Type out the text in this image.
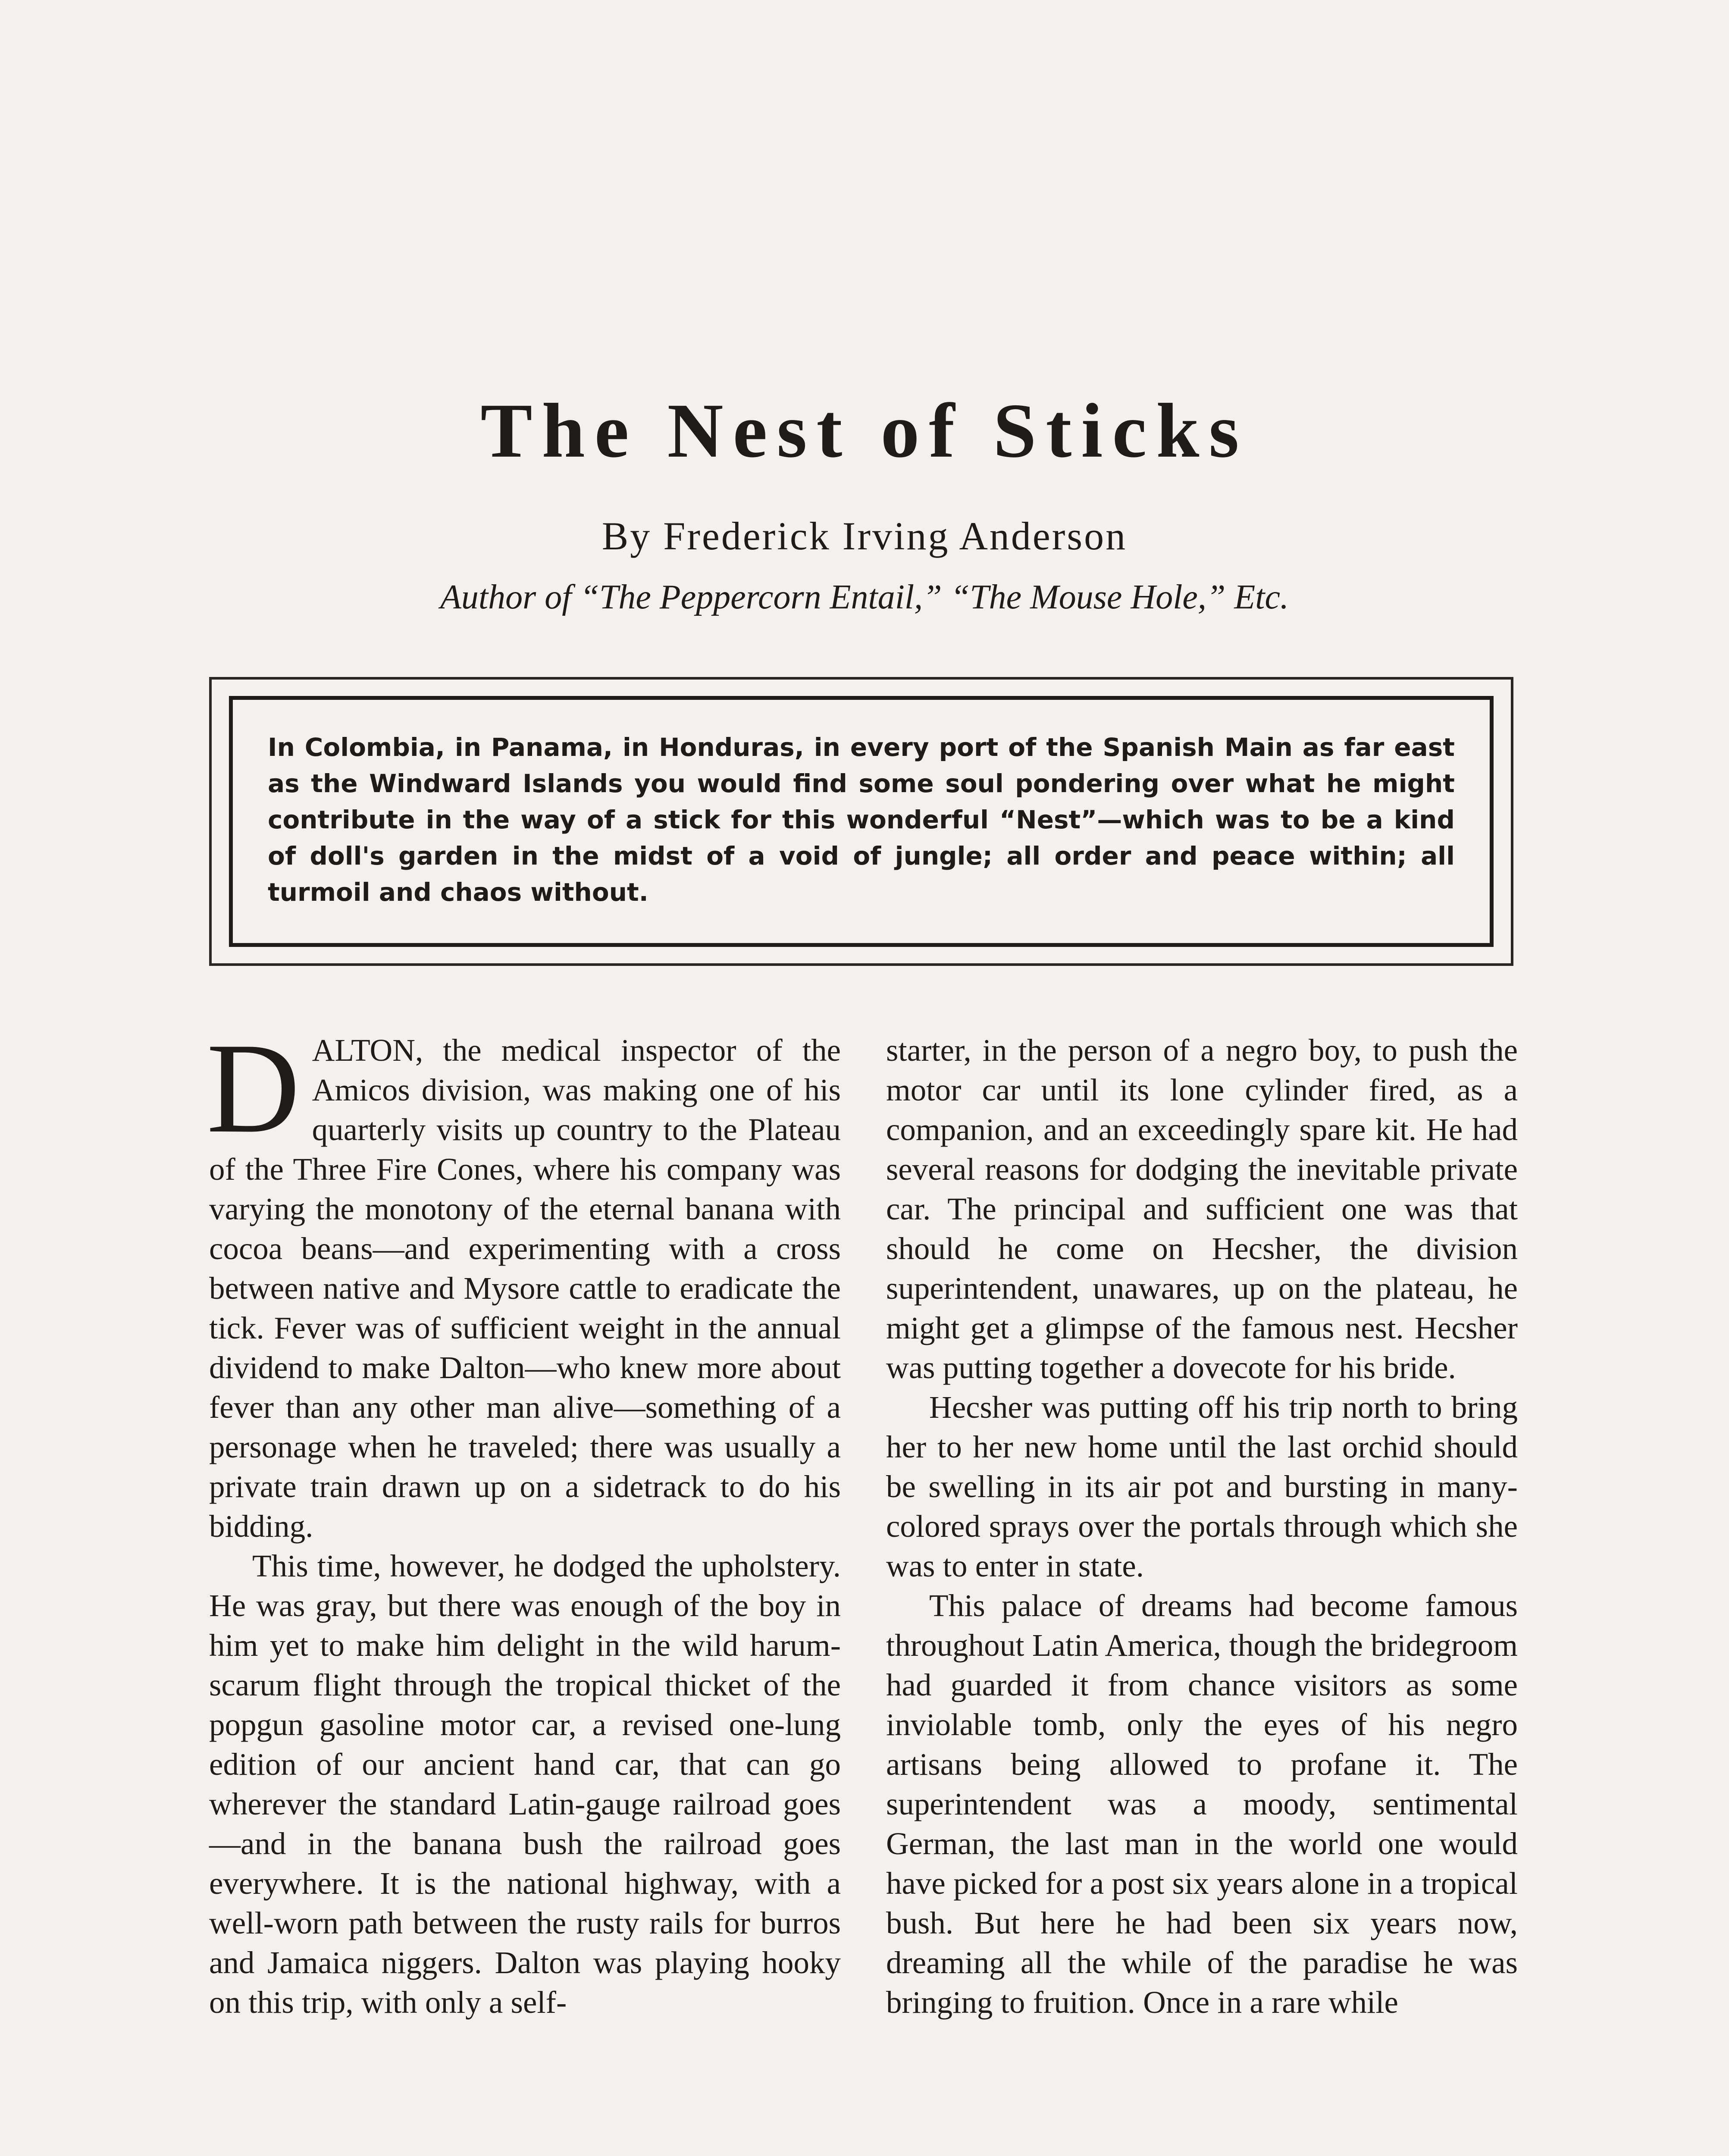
The Nest of Sticks

By Frederick Irving Anderson

Author of “The Peppercorn Entail,” “The Mouse Hole,” Etc.

In Colombia, in Panama, in Honduras, in every port of the Spanish Main as far east as the Windward Islands you would find some soul pondering over what he might contribute in the way of a stick for this wonderful “Nest”—which was to be a kind of doll's garden in the midst of a void of jungle; all order and peace within; all turmoil and chaos without.

DALTON, the medical inspector of the Amicos division, was making one of his quarterly visits up country to the Plateau of the Three Fire Cones, where his company was varying the monotony of the eternal banana with cocoa beans—and experimenting with a cross between native and Mysore cattle to eradicate the tick. Fever was of sufficient weight in the annual dividend to make Dalton—who knew more about fever than any other man alive—something of a personage when he traveled; there was usually a private train drawn up on a sidetrack to do his bidding.

This time, however, he dodged the upholstery. He was gray, but there was enough of the boy in him yet to make him delight in the wild harum-scarum flight through the tropical thicket of the popgun gasoline motor car, a revised one-lung edition of our ancient hand car, that can go wherever the standard Latin-gauge railroad goes —and in the banana bush the railroad goes everywhere. It is the national highway, with a well-worn path between the rusty rails for burros and Jamaica niggers. Dalton was playing hooky on this trip, with only a self-

starter, in the person of a negro boy, to push the motor car until its lone cylinder fired, as a companion, and an exceedingly spare kit. He had several reasons for dodging the inevitable private car. The principal and sufficient one was that should he come on Hecsher, the division superintendent, unawares, up on the plateau, he might get a glimpse of the famous nest. Hecsher was putting together a dovecote for his bride.

Hecsher was putting off his trip north to bring her to her new home until the last orchid should be swelling in its air pot and bursting in many-colored sprays over the portals through which she was to enter in state.

This palace of dreams had become famous throughout Latin America, though the bridegroom had guarded it from chance visitors as some inviolable tomb, only the eyes of his negro artisans being allowed to profane it. The superintendent was a moody, sentimental German, the last man in the world one would have picked for a post six years alone in a tropical bush. But here he had been six years now, dreaming all the while of the paradise he was bringing to fruition. Once in a rare while
